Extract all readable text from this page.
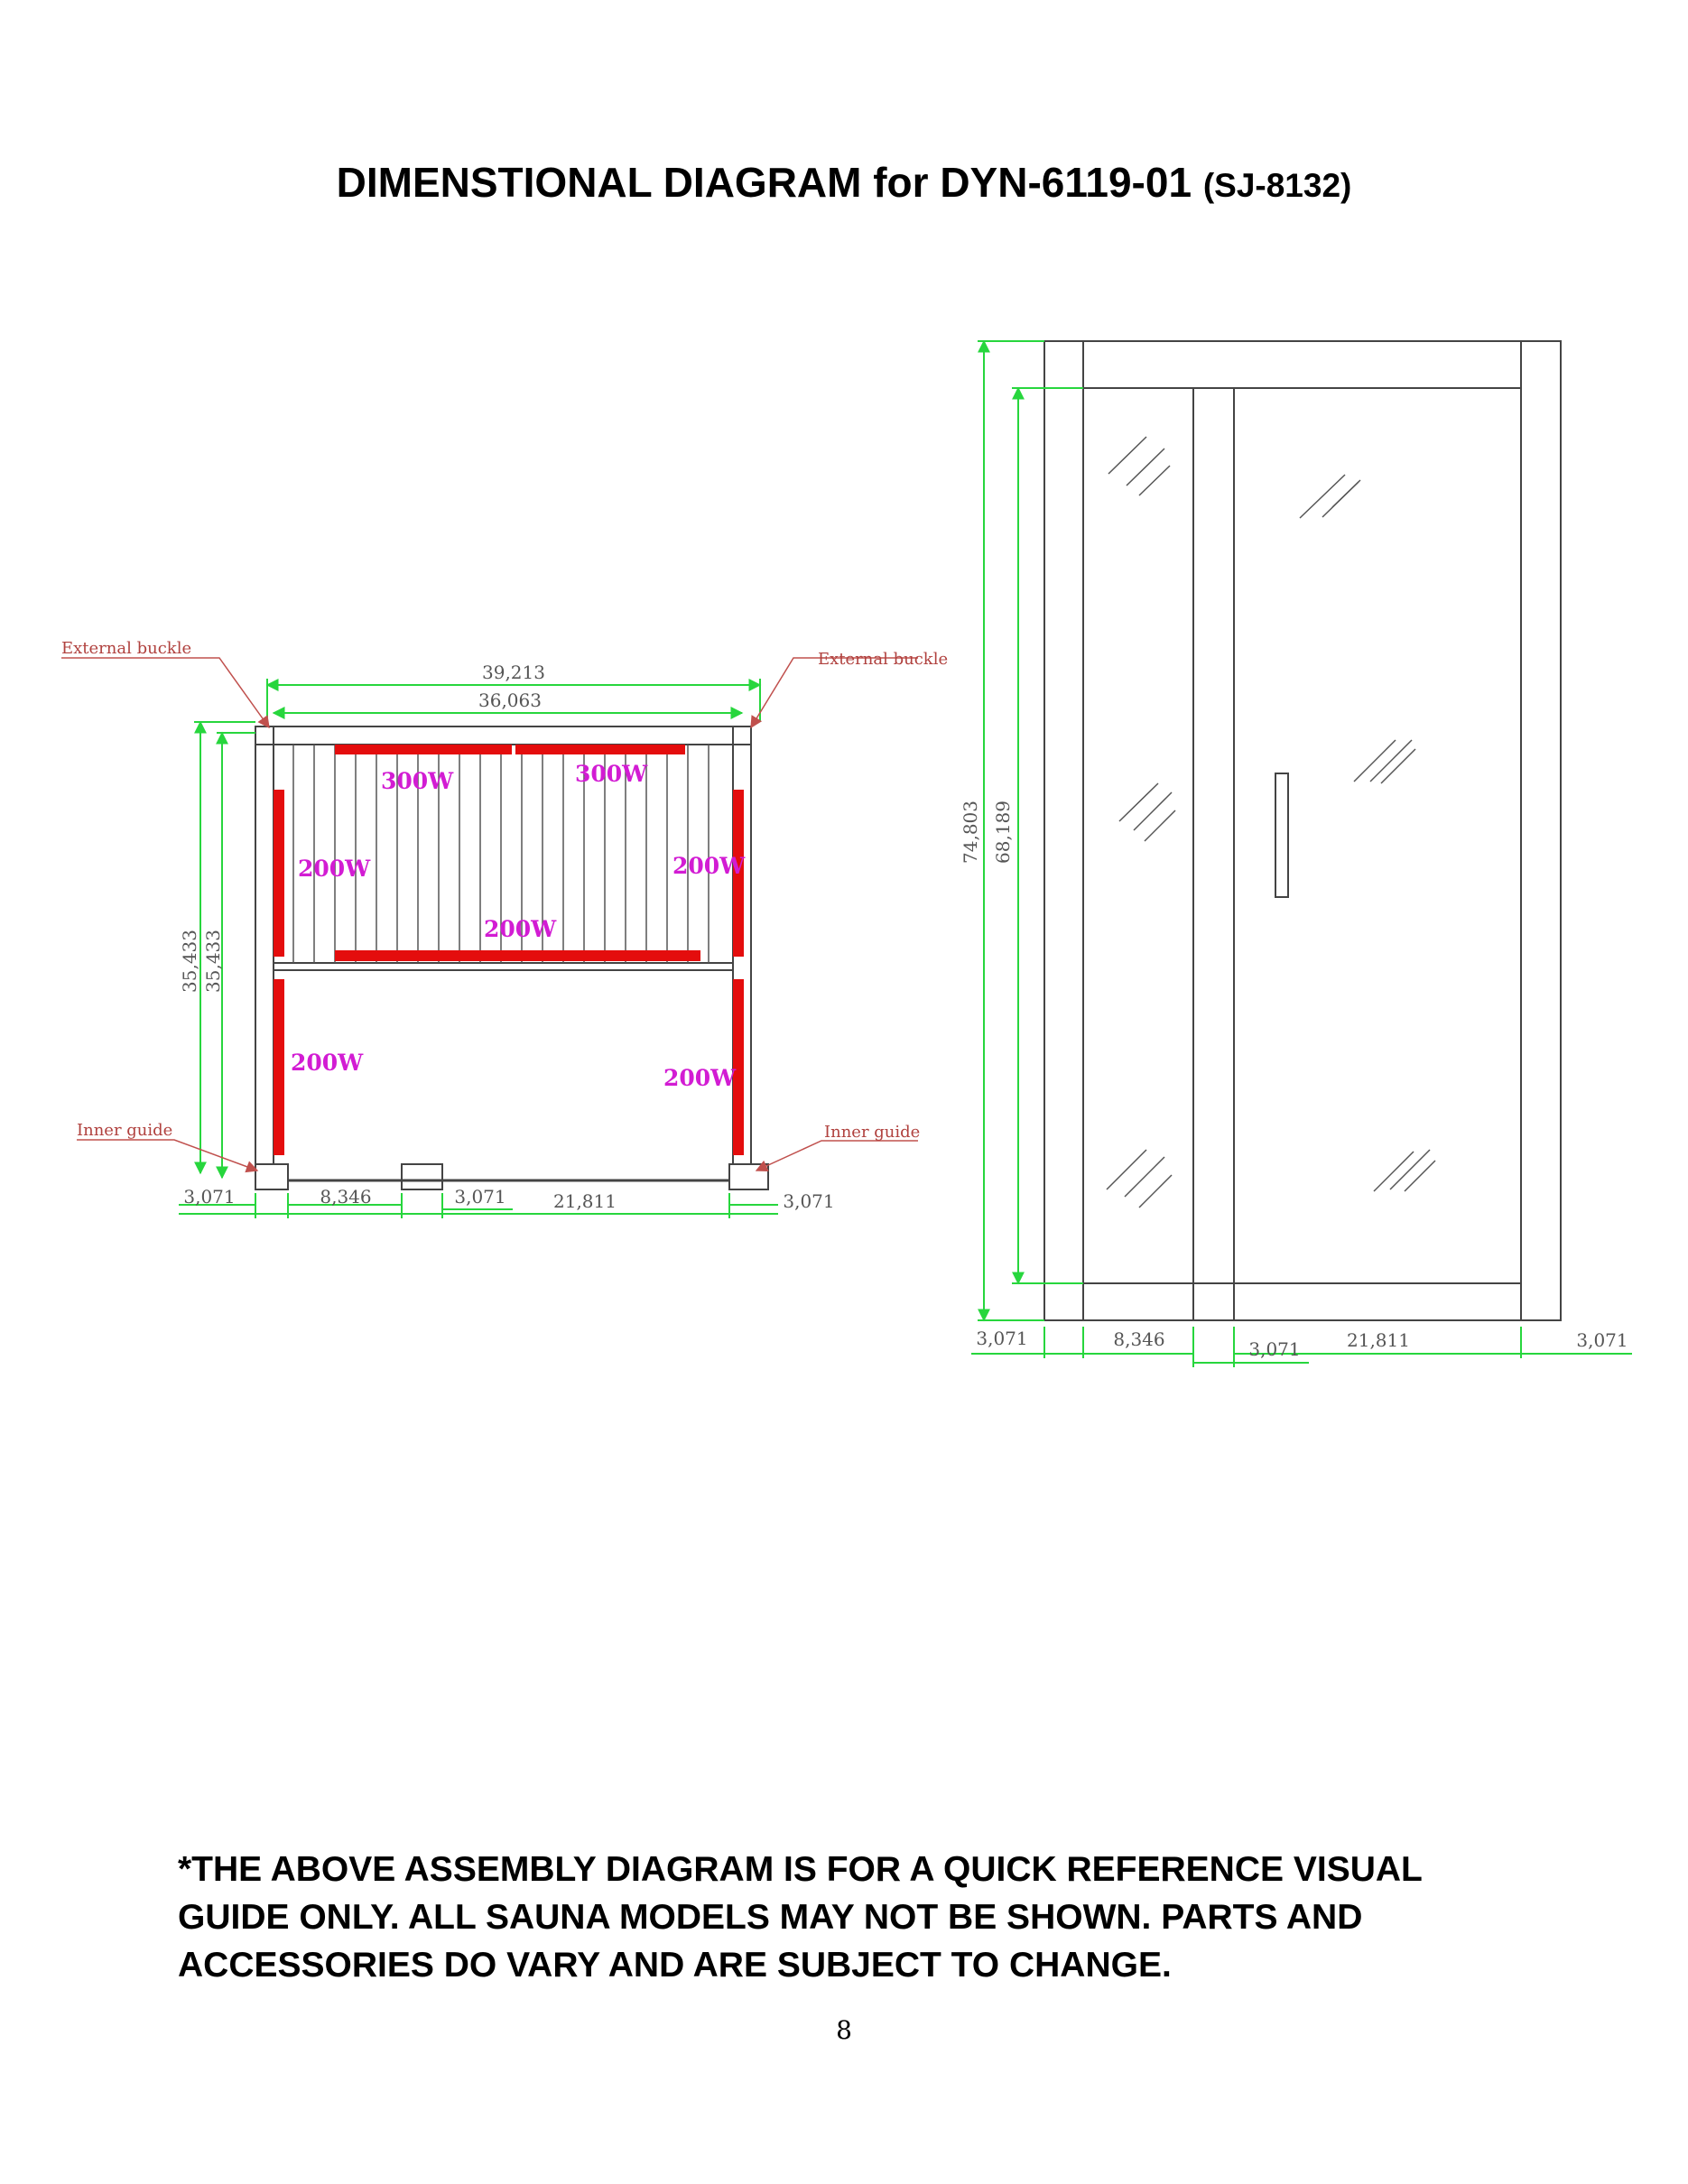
DIMENSTIONAL DIAGRAM for DYN-6119-01 (SJ-8132)
300W	300W
200W	200W
200W
200W
200W
39,213
36,063
35,433 35,433
3,071	8,346	3,071	21,811	3,071
External buckle
External buckle
Inner guide	Inner guide
74,803 68,189
3,071	8,346	3,071	21,811	3,071
*THE ABOVE ASSEMBLY DIAGRAM IS FOR A QUICK REFERENCE VISUAL GUIDE ONLY. ALL SAUNA MODELS MAY NOT BE SHOWN. PARTS AND ACCESSORIES DO VARY AND ARE SUBJECT TO CHANGE.
8
